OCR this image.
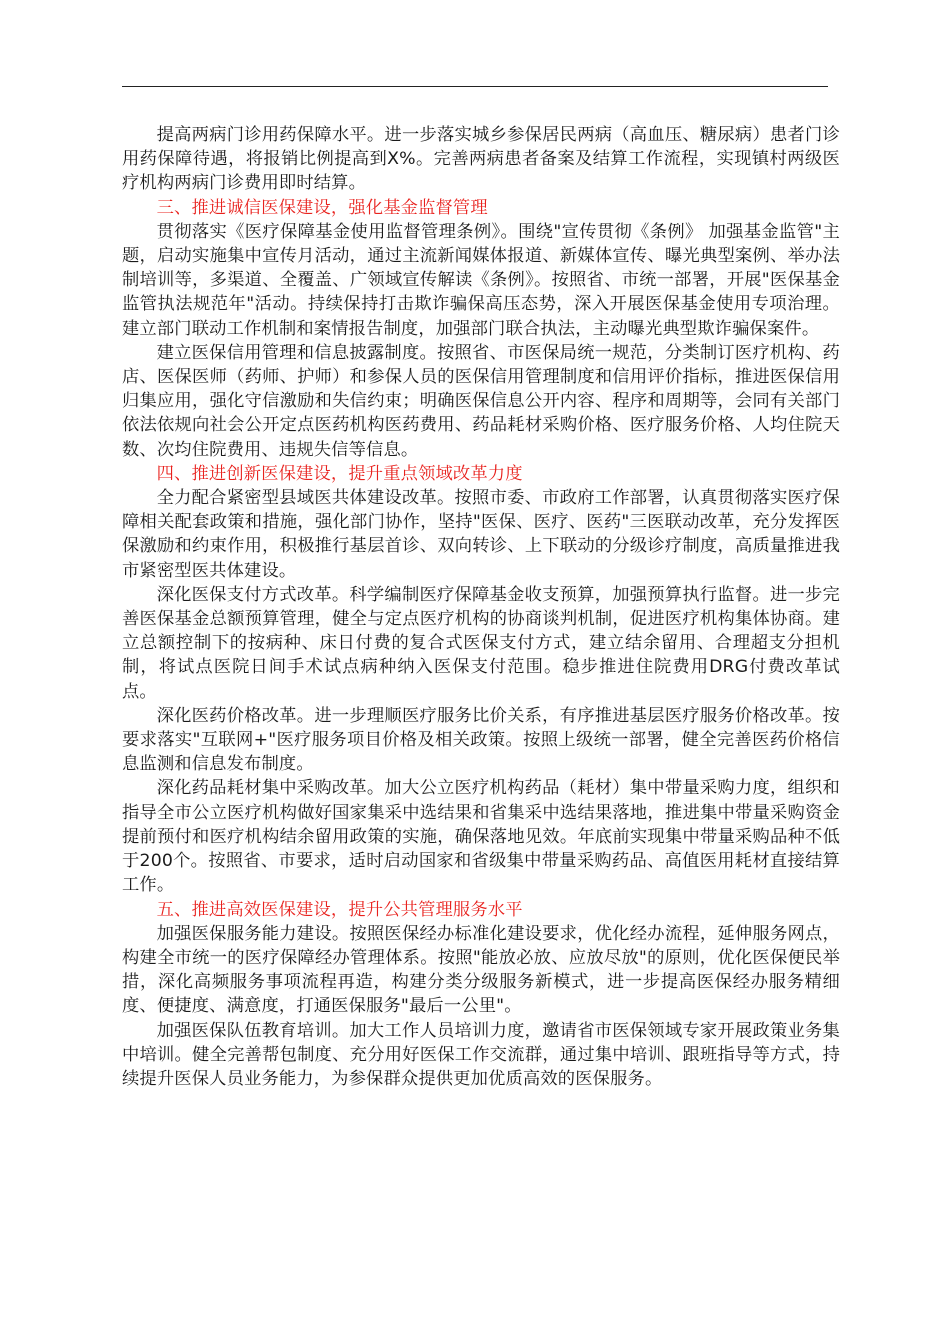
提高两病门诊用药保障水平。进一步落实城乡参保居民两病（高血压、糖尿病）患者门诊用药保障待遇，将报销比例提高到X%。完善两病患者备案及结算工作流程，实现镇村两级医疗机构两病门诊费用即时结算。

三、推进诚信医保建设，强化基金监督管理

贯彻落实《医疗保障基金使用监督管理条例》。围绕"宣传贯彻《条例》 加强基金监管"主题，启动实施集中宣传月活动，通过主流新闻媒体报道、新媒体宣传、曝光典型案例、举办法制培训等，多渠道、全覆盖、广领域宣传解读《条例》。按照省、市统一部署，开展"医保基金监管执法规范年"活动。持续保持打击欺诈骗保高压态势，深入开展医保基金使用专项治理。建立部门联动工作机制和案情报告制度，加强部门联合执法，主动曝光典型欺诈骗保案件。

建立医保信用管理和信息披露制度。按照省、市医保局统一规范，分类制订医疗机构、药店、医保医师（药师、护师）和参保人员的医保信用管理制度和信用评价指标，推进医保信用归集应用，强化守信激励和失信约束；明确医保信息公开内容、程序和周期等，会同有关部门依法依规向社会公开定点医药机构医药费用、药品耗材采购价格、医疗服务价格、人均住院天数、次均住院费用、违规失信等信息。

四、推进创新医保建设，提升重点领域改革力度

全力配合紧密型县域医共体建设改革。按照市委、市政府工作部署，认真贯彻落实医疗保障相关配套政策和措施，强化部门协作，坚持"医保、医疗、医药"三医联动改革，充分发挥医保激励和约束作用，积极推行基层首诊、双向转诊、上下联动的分级诊疗制度，高质量推进我市紧密型医共体建设。

深化医保支付方式改革。科学编制医疗保障基金收支预算，加强预算执行监督。进一步完善医保基金总额预算管理，健全与定点医疗机构的协商谈判机制，促进医疗机构集体协商。建立总额控制下的按病种、床日付费的复合式医保支付方式，建立结余留用、合理超支分担机制，将试点医院日间手术试点病种纳入医保支付范围。稳步推进住院费用DRG付费改革试点。

深化医药价格改革。进一步理顺医疗服务比价关系，有序推进基层医疗服务价格改革。按要求落实"互联网+"医疗服务项目价格及相关政策。按照上级统一部署，健全完善医药价格信息监测和信息发布制度。

深化药品耗材集中采购改革。加大公立医疗机构药品（耗材）集中带量采购力度，组织和指导全市公立医疗机构做好国家集采中选结果和省集采中选结果落地，推进集中带量采购资金提前预付和医疗机构结余留用政策的实施，确保落地见效。年底前实现集中带量采购品种不低于200个。按照省、市要求，适时启动国家和省级集中带量采购药品、高值医用耗材直接结算工作。

五、推进高效医保建设，提升公共管理服务水平

加强医保服务能力建设。按照医保经办标准化建设要求，优化经办流程，延伸服务网点，构建全市统一的医疗保障经办管理体系。按照"能放必放、应放尽放"的原则，优化医保便民举措，深化高频服务事项流程再造，构建分类分级服务新模式，进一步提高医保经办服务精细度、便捷度、满意度，打通医保服务"最后一公里"。

加强医保队伍教育培训。加大工作人员培训力度，邀请省市医保领域专家开展政策业务集中培训。健全完善帮包制度、充分用好医保工作交流群，通过集中培训、跟班指导等方式，持续提升医保人员业务能力，为参保群众提供更加优质高效的医保服务。
